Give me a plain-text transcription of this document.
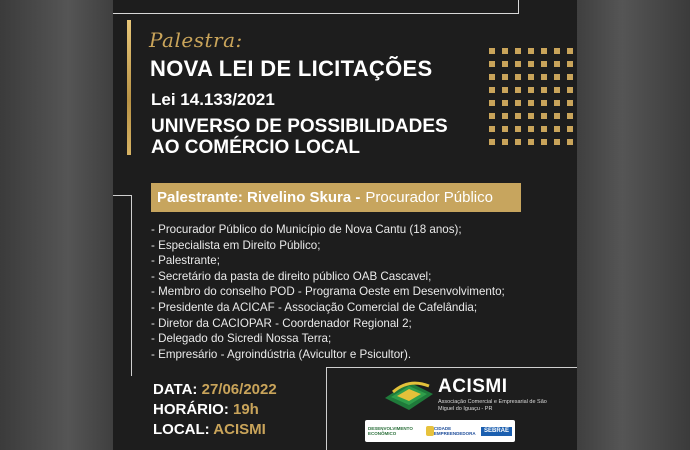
Palestra:
NOVA LEI DE LICITAÇÕES
Lei 14.133/2021
UNIVERSO DE POSSIBILIDADES
AO COMÉRCIO LOCAL
Palestrante: Rivelino Skura - Procurador Público
- Procurador Público do Município de Nova Cantu (18 anos);
- Especialista em Direito Público;
- Palestrante;
- Secretário da pasta de direito público OAB Cascavel;
- Membro do conselho POD - Programa Oeste em Desenvolvimento;
- Presidente da ACICAF - Associação Comercial de Cafelândia;
- Diretor da CACIOPAR - Coordenador Regional 2;
- Delegado do Sicredi Nossa Terra;
- Empresário - Agroindústria (Avicultor e Psicultor).
DATA: 27/06/2022
HORÁRIO: 19h
LOCAL: ACISMI
ACISMI
Associação Comercial e Empresarial de São Miguel do Iguaçu - PR
DESENVOLVIMENTO ECONÔMICO
CIDADE EMPREENDEDORA	SEBRAE
